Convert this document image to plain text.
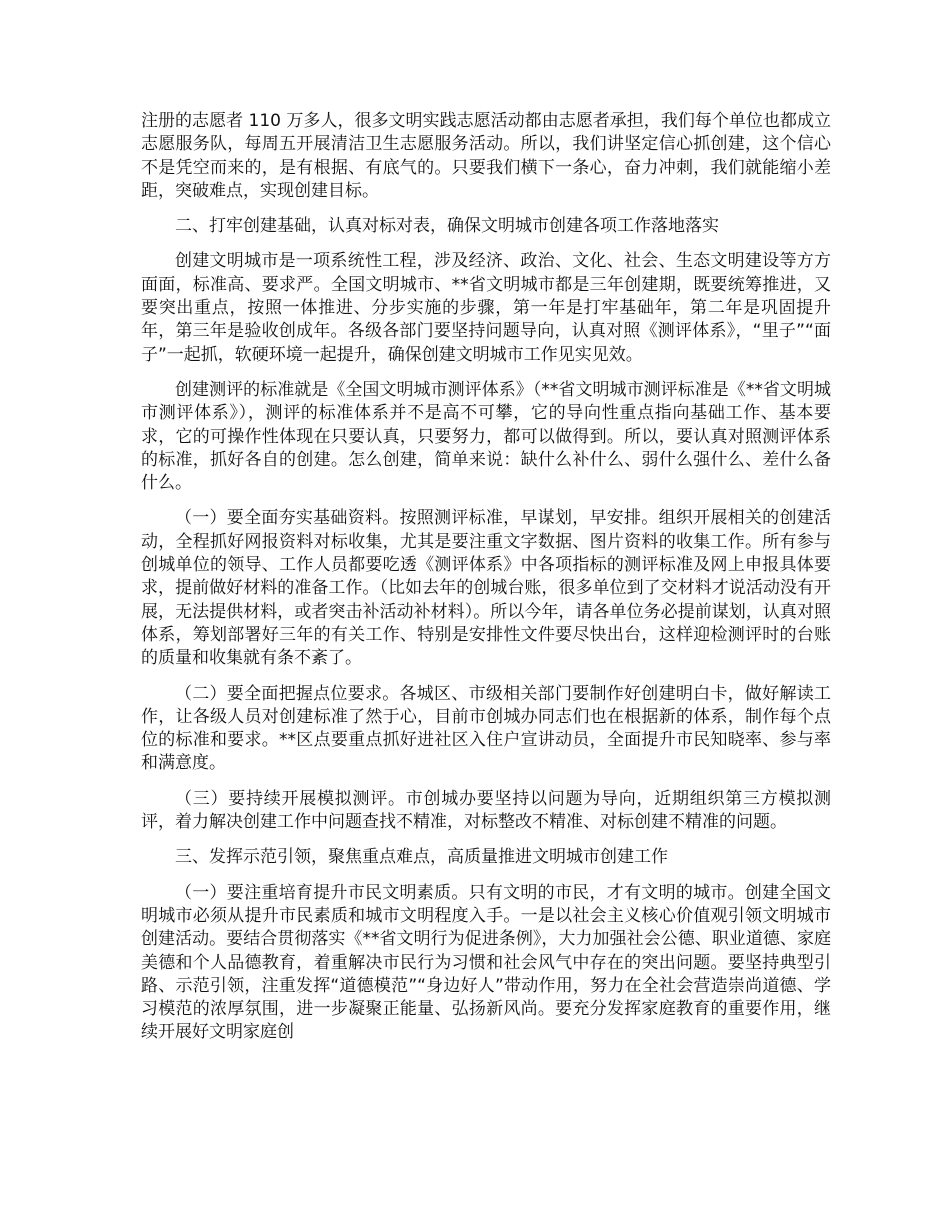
注册的志愿者 110 万多人，很多文明实践志愿活动都由志愿者承担，我们每个单位也都成立志愿服务队，每周五开展清洁卫生志愿服务活动。所以，我们讲坚定信心抓创建，这个信心不是凭空而来的，是有根据、有底气的。只要我们横下一条心，奋力冲刺，我们就能缩小差距，突破难点，实现创建目标。

二、打牢创建基础，认真对标对表，确保文明城市创建各项工作落地落实

创建文明城市是一项系统性工程，涉及经济、政治、文化、社会、生态文明建设等方方面面，标准高、要求严。全国文明城市、**省文明城市都是三年创建期，既要统筹推进，又要突出重点，按照一体推进、分步实施的步骤，第一年是打牢基础年，第二年是巩固提升年，第三年是验收创成年。各级各部门要坚持问题导向，认真对照《测评体系》，“里子”“面子”一起抓，软硬环境一起提升，确保创建文明城市工作见实见效。

创建测评的标准就是《全国文明城市测评体系》（**省文明城市测评标准是《**省文明城市测评体系》），测评的标准体系并不是高不可攀，它的导向性重点指向基础工作、基本要求，它的可操作性体现在只要认真，只要努力，都可以做得到。所以，要认真对照测评体系的标准，抓好各自的创建。怎么创建，简单来说：缺什么补什么、弱什么强什么、差什么备什么。

（一）要全面夯实基础资料。按照测评标准，早谋划，早安排。组织开展相关的创建活动，全程抓好网报资料对标收集，尤其是要注重文字数据、图片资料的收集工作。所有参与创城单位的领导、工作人员都要吃透《测评体系》中各项指标的测评标准及网上申报具体要求，提前做好材料的准备工作。（比如去年的创城台账，很多单位到了交材料才说活动没有开展，无法提供材料，或者突击补活动补材料）。所以今年，请各单位务必提前谋划，认真对照体系，筹划部署好三年的有关工作、特别是安排性文件要尽快出台，这样迎检测评时的台账的质量和收集就有条不紊了。

（二）要全面把握点位要求。各城区、市级相关部门要制作好创建明白卡，做好解读工作，让各级人员对创建标准了然于心，目前市创城办同志们也在根据新的体系，制作每个点位的标准和要求。**区点要重点抓好进社区入住户宣讲动员，全面提升市民知晓率、参与率和满意度。

（三）要持续开展模拟测评。市创城办要坚持以问题为导向，近期组织第三方模拟测评，着力解决创建工作中问题查找不精准，对标整改不精准、对标创建不精准的问题。

三、发挥示范引领，聚焦重点难点，高质量推进文明城市创建工作

（一）要注重培育提升市民文明素质。只有文明的市民，才有文明的城市。创建全国文明城市必须从提升市民素质和城市文明程度入手。一是以社会主义核心价值观引领文明城市创建活动。要结合贯彻落实《**省文明行为促进条例》，大力加强社会公德、职业道德、家庭美德和个人品德教育，着重解决市民行为习惯和社会风气中存在的突出问题。要坚持典型引路、示范引领，注重发挥“道德模范”“身边好人”带动作用，努力在全社会营造崇尚道德、学习模范的浓厚氛围，进一步凝聚正能量、弘扬新风尚。要充分发挥家庭教育的重要作用，继续开展好文明家庭创
